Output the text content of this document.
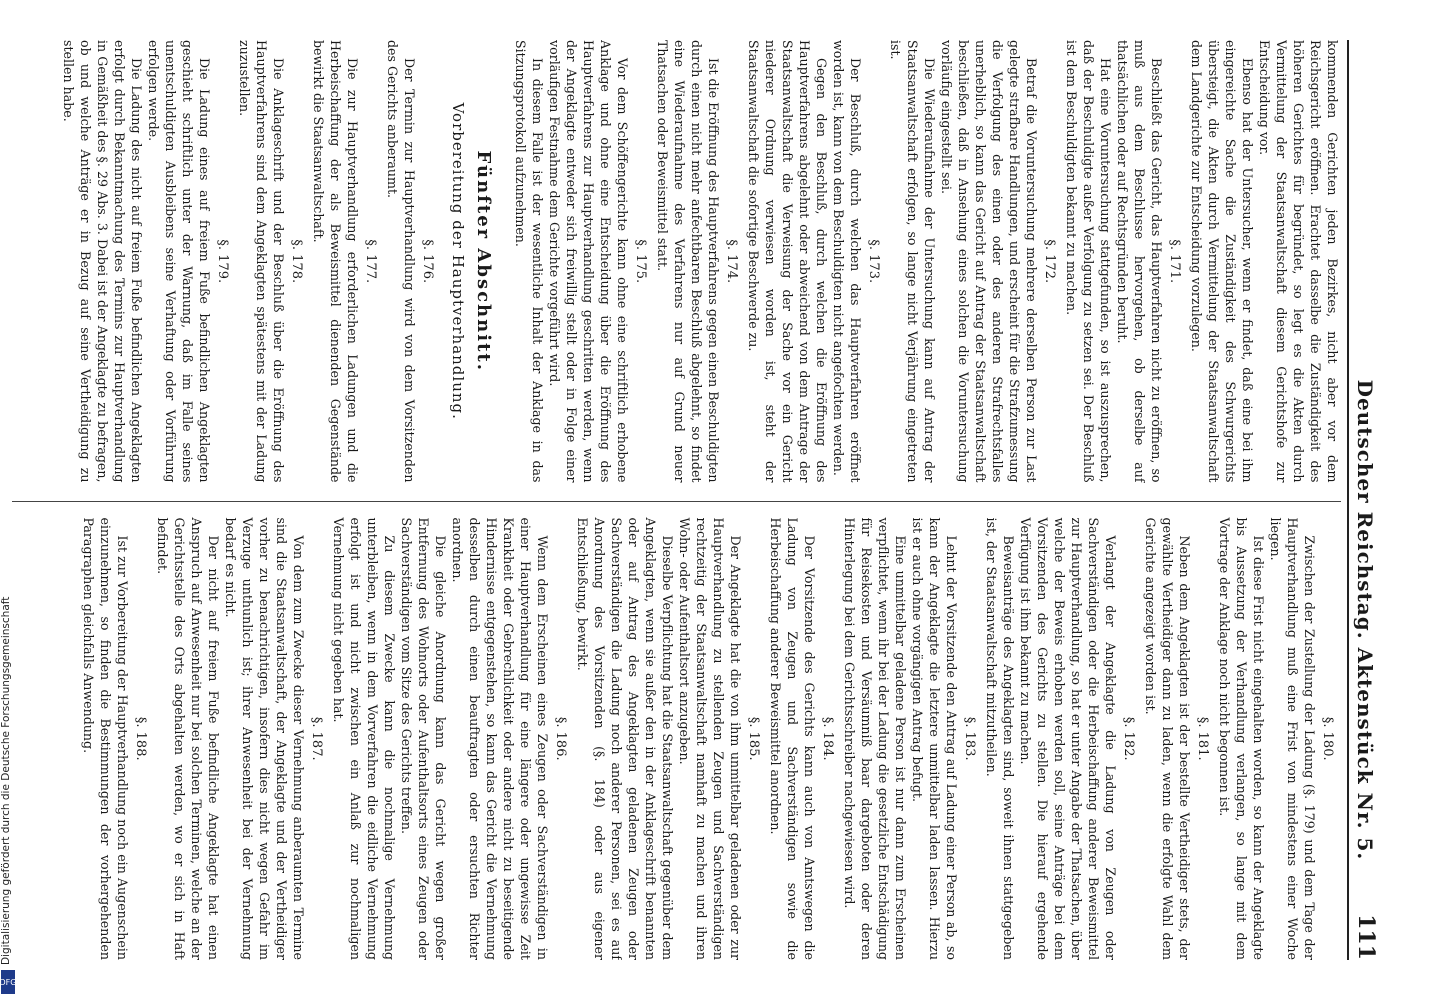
Deutscher Reichstag. Aktenstück Nr. 5.
111
kommenden Gerichten jeden Bezirkes, nicht aber vor dem Reichsgericht eröffnen. Erachtet dasselbe die Zuständigkeit des höheren Gerichtes für begründet, so legt es die Akten durch Vermittelung der Staatsanwaltschaft diesem Gerichtshofe zur Entscheidung vor.
Ebenso hat der Untersucher, wenn er findet, daß eine bei ihm eingereichte Sache die Zuständigkeit des Schwurgerichts übersteigt, die Akten durch Vermittelung der Staatsanwaltschaft dem Landgerichte zur Entscheidung vorzulegen.
§. 171.
Beschließt das Gericht, das Hauptverfahren nicht zu eröffnen, so muß aus dem Beschlusse hervorgehen, ob derselbe auf thatsächlichen oder auf Rechtsgründen beruht.
Hat eine Voruntersuchung stattgefunden, so ist auszusprechen, daß der Beschuldigte außer Verfolgung zu setzen sei. Der Beschluß ist dem Beschuldigten bekannt zu machen.
§. 172.
Betraf die Voruntersuchung mehrere derselben Person zur Last gelegte strafbare Handlungen, und erscheint für die Strafzumessung die Verfolgung des einen oder des anderen Strafrechtsfalles unerheblich, so kann das Gericht auf Antrag der Staatsanwaltschaft beschließen, daß in Ansehung eines solchen die Voruntersuchung vorläufig eingestellt sei.
Die Wiederaufnahme der Untersuchung kann auf Antrag der Staatsanwaltschaft erfolgen, so lange nicht Verjährung eingetreten ist.
§. 173.
Der Beschluß, durch welchen das Hauptverfahren eröffnet worden ist, kann von dem Beschuldigten nicht angefochten werden.
Gegen den Beschluß, durch welchen die Eröffnung des Hauptverfahrens abgelehnt oder abweichend von dem Antrage der Staatsanwaltschaft die Verweisung der Sache vor ein Gericht niederer Ordnung verwiesen worden ist, steht der Staatsanwaltschaft die sofortige Beschwerde zu.
§. 174.
Ist die Eröffnung des Hauptverfahrens gegen einen Beschuldigten durch einen nicht mehr anfechtbaren Beschluß abgelehnt, so findet eine Wiederaufnahme des Verfahrens nur auf Grund neuer Thatsachen oder Beweismittel statt.
§. 175.
Vor dem Schöffengerichte kann ohne eine schriftlich erhobene Anklage und ohne eine Entscheidung über die Eröffnung des Hauptverfahrens zur Hauptverhandlung geschritten werden, wenn der Angeklagte entweder sich freiwillig stellt oder in Folge einer vorläufigen Festnahme dem Gerichte vorgeführt wird.
In diesem Falle ist der wesentliche Inhalt der Anklage in das Sitzungsprotokoll aufzunehmen.
Fünfter Abschnitt.
Vorbereitung der Hauptverhandlung.
§. 176.
Der Termin zur Hauptverhandlung wird von dem Vorsitzenden des Gerichts anberaumt.
§. 177.
Die zur Hauptverhandlung erforderlichen Ladungen und die Herbeischaffung der als Beweismittel dienenden Gegenstände bewirkt die Staatsanwaltschaft.
§. 178.
Die Anklageschrift und der Beschluß über die Eröffnung des Hauptverfahrens sind dem Angeklagten spätestens mit der Ladung zuzustellen.
§. 179.
Die Ladung eines auf freiem Fuße befindlichen Angeklagten geschieht schriftlich unter der Warnung, daß im Falle seines unentschuldigten Ausbleibens seine Verhaftung oder Vorführung erfolgen werde.
Die Ladung des nicht auf freiem Fuße befindlichen Angeklagten erfolgt durch Bekanntmachung des Termins zur Hauptverhandlung in Gemäßheit des §. 29 Abs. 3. Dabei ist der Angeklagte zu befragen, ob und welche Anträge er in Bezug auf seine Vertheidigung zu stellen habe.
§. 180.
Zwischen der Zustellung der Ladung (§. 179) und dem Tage der Hauptverhandlung muß eine Frist von mindestens einer Woche liegen.
Ist diese Frist nicht eingehalten worden, so kann der Angeklagte bis Aussetzung der Verhandlung verlangen, so lange mit dem Vortrage der Anklage noch nicht begonnen ist.
§. 181.
Neben dem Angeklagten ist der bestellte Vertheidiger stets, der gewählte Vertheidiger dann zu laden, wenn die erfolgte Wahl dem Gerichte angezeigt worden ist.
§. 182.
Verlangt der Angeklagte die Ladung von Zeugen oder Sachverständigen oder die Herbeischaffung anderer Beweismittel zur Hauptverhandlung, so hat er unter Angabe der Thatsachen, über welche der Beweis erhoben werden soll, seine Anträge bei dem Vorsitzenden des Gerichts zu stellen. Die hierauf ergehende Verfügung ist ihm bekannt zu machen.
Beweisanträge des Angeklagten sind, soweit ihnen stattgegeben ist, der Staatsanwaltschaft mitzutheilen.
§. 183.
Lehnt der Vorsitzende den Antrag auf Ladung einer Person ab, so kann der Angeklagte die letztere unmittelbar laden lassen. Hierzu ist er auch ohne vorgängigen Antrag befugt.
Eine unmittelbar geladene Person ist nur dann zum Erscheinen verpflichtet, wenn ihr bei der Ladung die gesetzliche Entschädigung für Reisekosten und Versäumniß baar dargeboten oder deren Hinterlegung bei dem Gerichtsschreiber nachgewiesen wird.
§. 184.
Der Vorsitzende des Gerichts kann auch von Amtswegen die Ladung von Zeugen und Sachverständigen sowie die Herbeischaffung anderer Beweismittel anordnen.
§. 185.
Der Angeklagte hat die von ihm unmittelbar geladenen oder zur Hauptverhandlung zu stellenden Zeugen und Sachverständigen rechtzeitig der Staatsanwaltschaft namhaft zu machen und ihren Wohn- oder Aufenthaltsort anzugeben.
Dieselbe Verpflichtung hat die Staatsanwaltschaft gegenüber dem Angeklagten, wenn sie außer den in der Anklageschrift benannten oder auf Antrag des Angeklagten geladenen Zeugen oder Sachverständigen die Ladung noch anderer Personen, sei es auf Anordnung des Vorsitzenden (§. 184) oder aus eigener Entschließung, bewirkt.
§. 186.
Wenn dem Erscheinen eines Zeugen oder Sachverständigen in einer Hauptverhandlung für eine längere oder ungewisse Zeit Krankheit oder Gebrechlichkeit oder andere nicht zu beseitigende Hindernisse entgegenstehen, so kann das Gericht die Vernehmung desselben durch einen beauftragten oder ersuchten Richter anordnen.
Die gleiche Anordnung kann das Gericht wegen großer Entfernung des Wohnorts oder Aufenthaltsorts eines Zeugen oder Sachverständigen vom Sitze des Gerichts treffen.
Zu diesem Zwecke kann die nochmalige Vernehmung unterbleiben, wenn in dem Vorverfahren die eidliche Vernehmung erfolgt ist und nicht zwischen ein Anlaß zur nochmaligen Vernehmung nicht gegeben hat.
§. 187.
Von dem zum Zwecke dieser Vernehmung anberaumten Termine sind die Staatsanwaltschaft, der Angeklagte und der Vertheidiger vorher zu benachrichtigen, insofern dies nicht wegen Gefahr im Verzuge unthunlich ist; ihrer Anwesenheit bei der Vernehmung bedarf es nicht.
Der nicht auf freiem Fuße befindliche Angeklagte hat einen Anspruch auf Anwesenheit nur bei solchen Terminen, welche an der Gerichtsstelle des Orts abgehalten werden, wo er sich in Haft befindet.
§. 188.
Ist zur Vorbereitung der Hauptverhandlung noch ein Augenschein einzunehmen, so finden die Bestimmungen der vorhergehenden Paragraphen gleichfalls Anwendung.
Digitalisierung gefördert durch die Deutsche Forschungsgemeinschaft
DFG
